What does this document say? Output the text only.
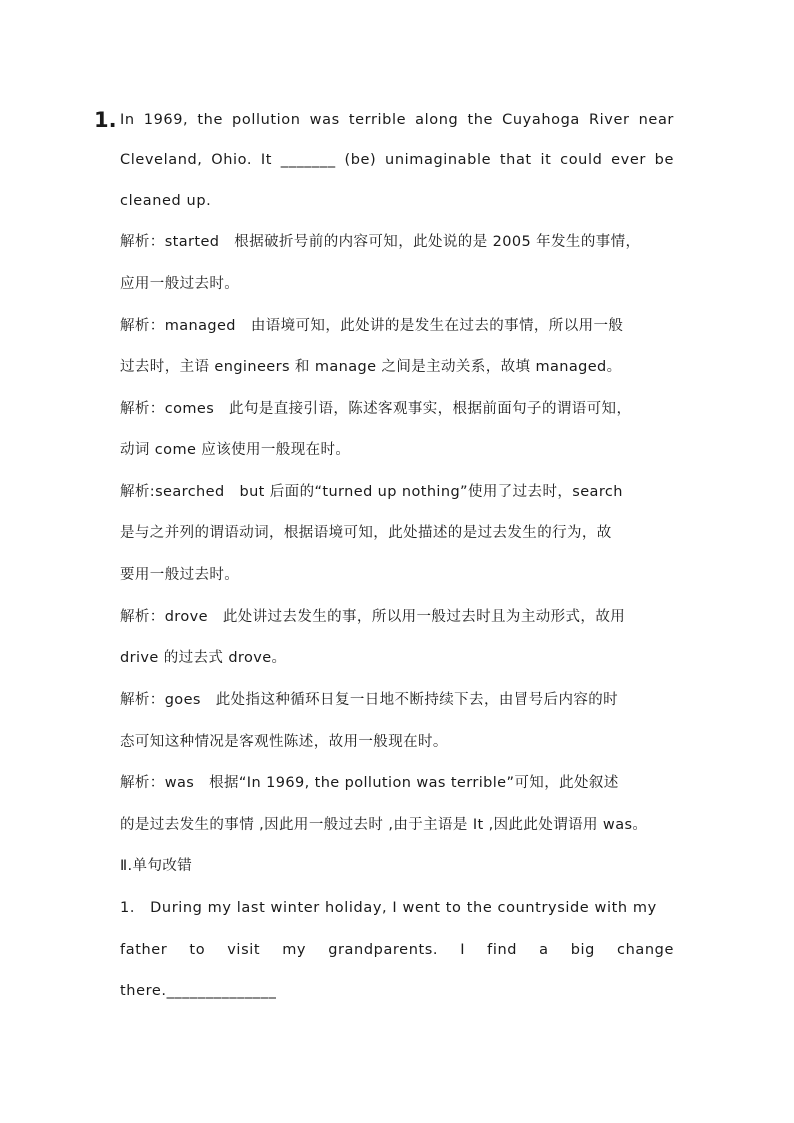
1. In 1969, the pollution was terrible along the Cuyahoga River near
Cleveland, Ohio. It _______ (be) unimaginable that it could ever be
cleaned up.
解析：started　根据破折号前的内容可知，此处说的是 2005 年发生的事情，
应用一般过去时。
解析：managed　由语境可知，此处讲的是发生在过去的事情，所以用一般
过去时，主语 engineers 和 manage 之间是主动关系，故填 managed。
解析：comes　此句是直接引语，陈述客观事实，根据前面句子的谓语可知，
动词 come 应该使用一般现在时。
解析:searched　but 后面的“turned up nothing”使用了过去时，search
是与之并列的谓语动词，根据语境可知，此处描述的是过去发生的行为，故
要用一般过去时。
解析：drove　此处讲过去发生的事，所以用一般过去时且为主动形式，故用
drive 的过去式 drove。
解析：goes　此处指这种循环日复一日地不断持续下去，由冒号后内容的时
态可知这种情况是客观性陈述，故用一般现在时。
解析：was　根据“In 1969, the pollution was terrible”可知，此处叙述
的是过去发生的事情 ,因此用一般过去时 ,由于主语是 It ,因此此处谓语用 was。
Ⅱ.单句改错
1． During my last winter holiday, I went to the countryside with my
father to visit my grandparents. I find a big change
there.______________
